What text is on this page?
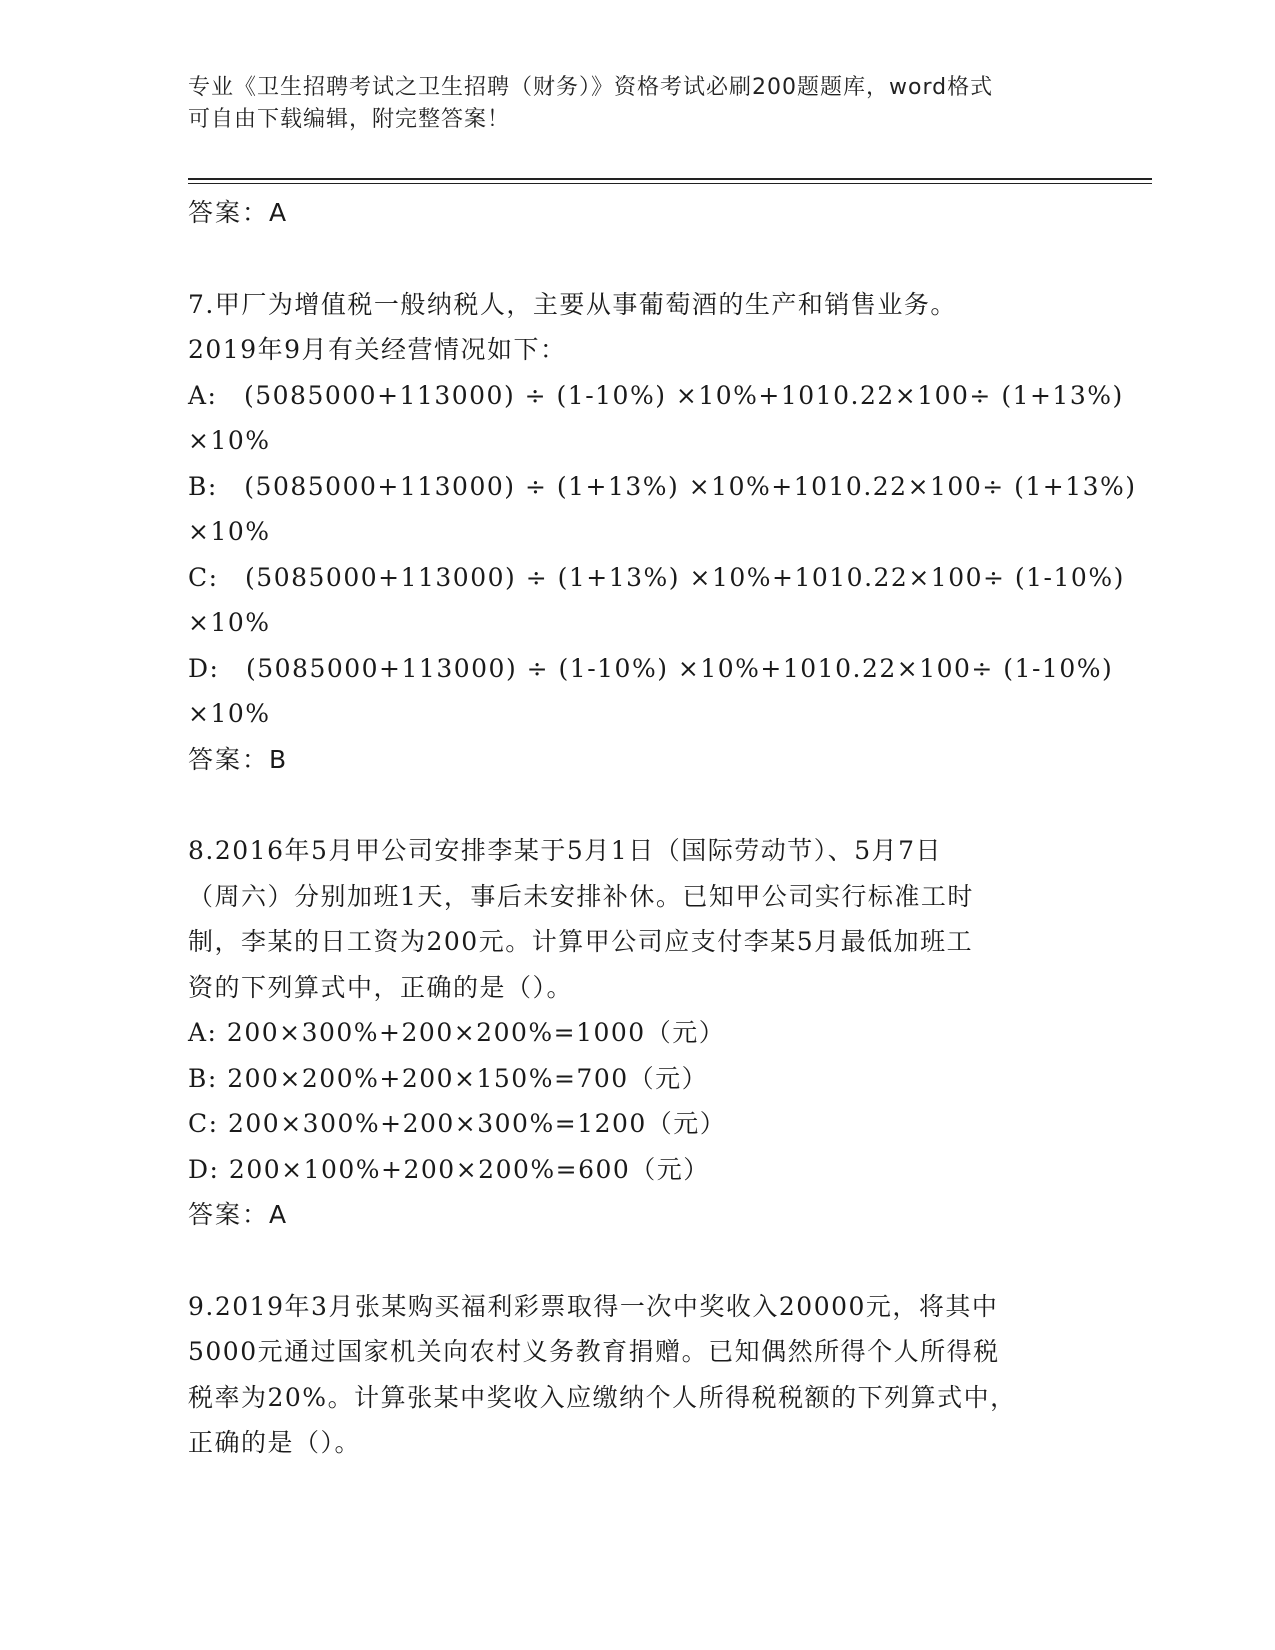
专业《卫生招聘考试之卫生招聘（财务）》资格考试必刷200题题库，word格式
可自由下载编辑，附完整答案！
答案：A
7.甲厂为增值税一般纳税人，主要从事葡萄酒的生产和销售业务。
2019年9月有关经营情况如下：
A:　(5085000+113000) ÷ (1-10%) ×10%+1010.22×100÷ (1+13%)
×10%
B:　(5085000+113000) ÷ (1+13%) ×10%+1010.22×100÷ (1+13%)
×10%
C:　(5085000+113000) ÷ (1+13%) ×10%+1010.22×100÷ (1-10%)
×10%
D:　(5085000+113000) ÷ (1-10%) ×10%+1010.22×100÷ (1-10%)
×10%
答案：B
8.2016年5月甲公司安排李某于5月1日（国际劳动节）、5月7日
（周六）分别加班1天，事后未安排补休。已知甲公司实行标准工时
制，李某的日工资为200元。计算甲公司应支付李某5月最低加班工
资的下列算式中，正确的是（）。
A: 200×300%+200×200%=1000（元）
B: 200×200%+200×150%=700（元）
C: 200×300%+200×300%=1200（元）
D: 200×100%+200×200%=600（元）
答案：A
9.2019年3月张某购买福利彩票取得一次中奖收入20000元，将其中
5000元通过国家机关向农村义务教育捐赠。已知偶然所得个人所得税
税率为20%。计算张某中奖收入应缴纳个人所得税税额的下列算式中，
正确的是（）。
